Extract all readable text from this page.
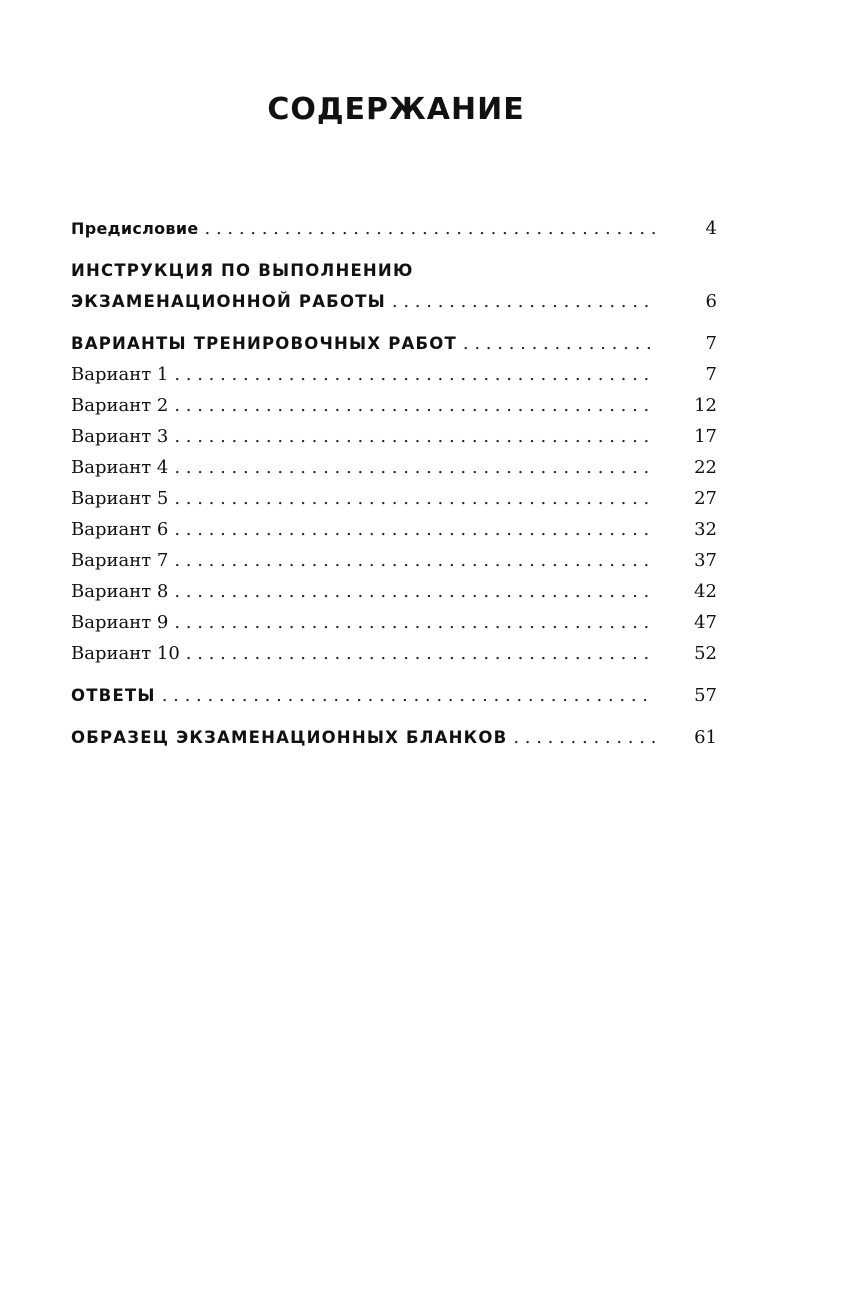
СОДЕРЖАНИЕ
Предисловие . . .	4
ИНСТРУКЦИЯ ПО ВЫПОЛНЕНИЮ
ЭКЗАМЕНАЦИОННОЙ РАБОТЫ . . .	6
ВАРИАНТЫ ТРЕНИРОВОЧНЫХ РАБОТ . . .	7
Вариант 1 . . .	7
Вариант 2 . . .	12
Вариант 3 . . .	17
Вариант 4 . . .	22
Вариант 5 . . .	27
Вариант 6 . . .	32
Вариант 7 . . .	37
Вариант 8 . . .	42
Вариант 9 . . .	47
Вариант 10 . . .	52
ОТВЕТЫ . . .	57
ОБРАЗЕЦ ЭКЗАМЕНАЦИОННЫХ БЛАНКОВ . . .	61
